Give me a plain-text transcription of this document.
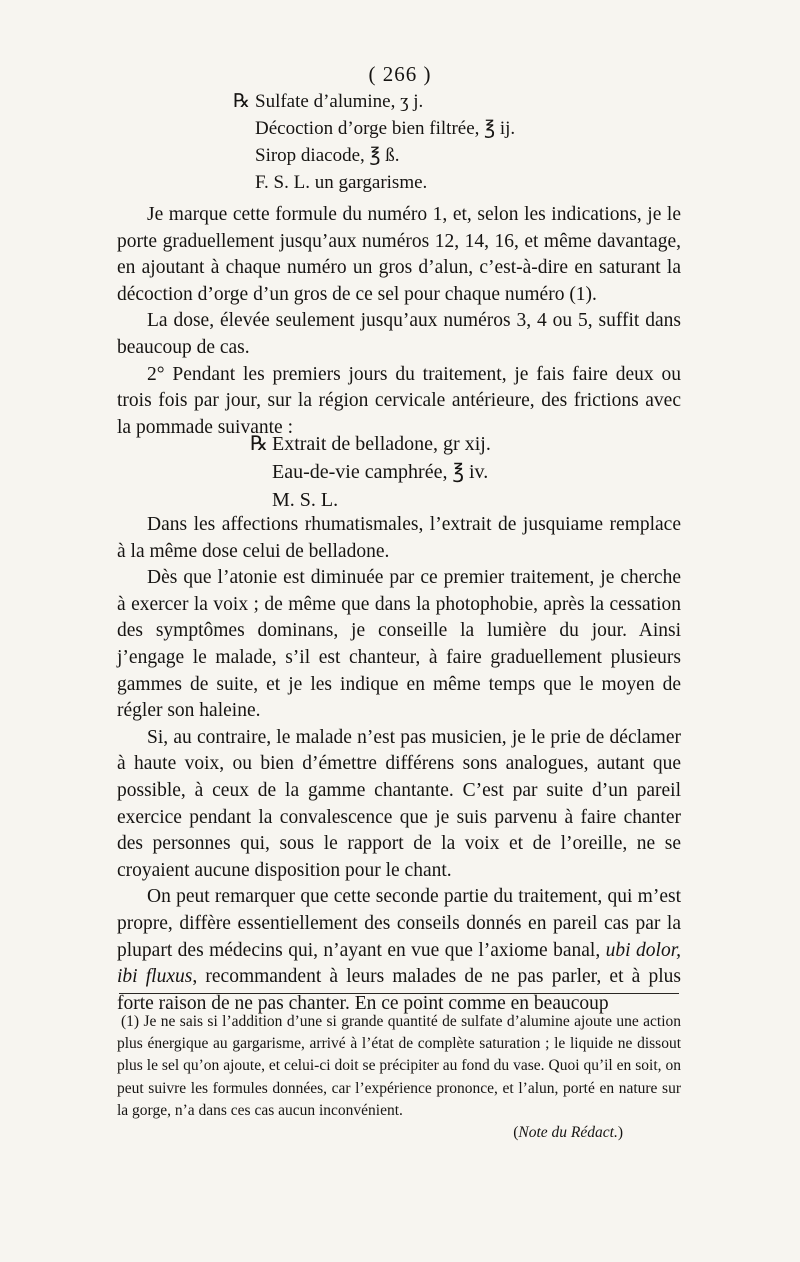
( 266 )
℞ Sulfate d’alumine, ʒ j.
Décoction d’orge bien filtrée, ℥ ij.
Sirop diacode, ℥ ß.
F. S. L. un gargarisme.

Je marque cette formule du numéro 1, et, selon les indications, je le porte graduellement jusqu’aux numéros 12, 14, 16, et même davantage, en ajoutant à chaque numéro un gros d’alun, c’est-à-dire en saturant la décoction d’orge d’un gros de ce sel pour chaque numéro (1).

La dose, élevée seulement jusqu’aux numéros 3, 4 ou 5, suffit dans beaucoup de cas.

2° Pendant les premiers jours du traitement, je fais faire deux ou trois fois par jour, sur la région cervicale antérieure, des frictions avec la pommade suivante :

℞ Extrait de belladone, gr xij.
Eau-de-vie camphrée, ℥ iv.
M. S. L.

Dans les affections rhumatismales, l’extrait de jusquiame remplace à la même dose celui de belladone.

Dès que l’atonie est diminuée par ce premier traitement, je cherche à exercer la voix ; de même que dans la photophobie, après la cessation des symptômes dominans, je conseille la lumière du jour. Ainsi j’engage le malade, s’il est chanteur, à faire graduellement plusieurs gammes de suite, et je les indique en même temps que le moyen de régler son haleine.

Si, au contraire, le malade n’est pas musicien, je le prie de déclamer à haute voix, ou bien d’émettre différens sons analogues, autant que possible, à ceux de la gamme chantante. C’est par suite d’un pareil exercice pendant la convalescence que je suis parvenu à faire chanter des personnes qui, sous le rapport de la voix et de l’oreille, ne se croyaient aucune disposition pour le chant.

On peut remarquer que cette seconde partie du traitement, qui m’est propre, diffère essentiellement des conseils donnés en pareil cas par la plupart des médecins qui, n’ayant en vue que l’axiome banal, ubi dolor, ibi fluxus, recommandent à leurs malades de ne pas parler, et à plus forte raison de ne pas chanter. En ce point comme en beaucoup

(1) Je ne sais si l’addition d’une si grande quantité de sulfate d’alumine ajoute une action plus énergique au gargarisme, arrivé à l’état de complète saturation ; le liquide ne dissout plus le sel qu’on ajoute, et celui-ci doit se précipiter au fond du vase. Quoi qu’il en soit, on peut suivre les formules données, car l’expérience prononce, et l’alun, porté en nature sur la gorge, n’a dans ces cas aucun inconvénient.
(Note du Rédact.)
